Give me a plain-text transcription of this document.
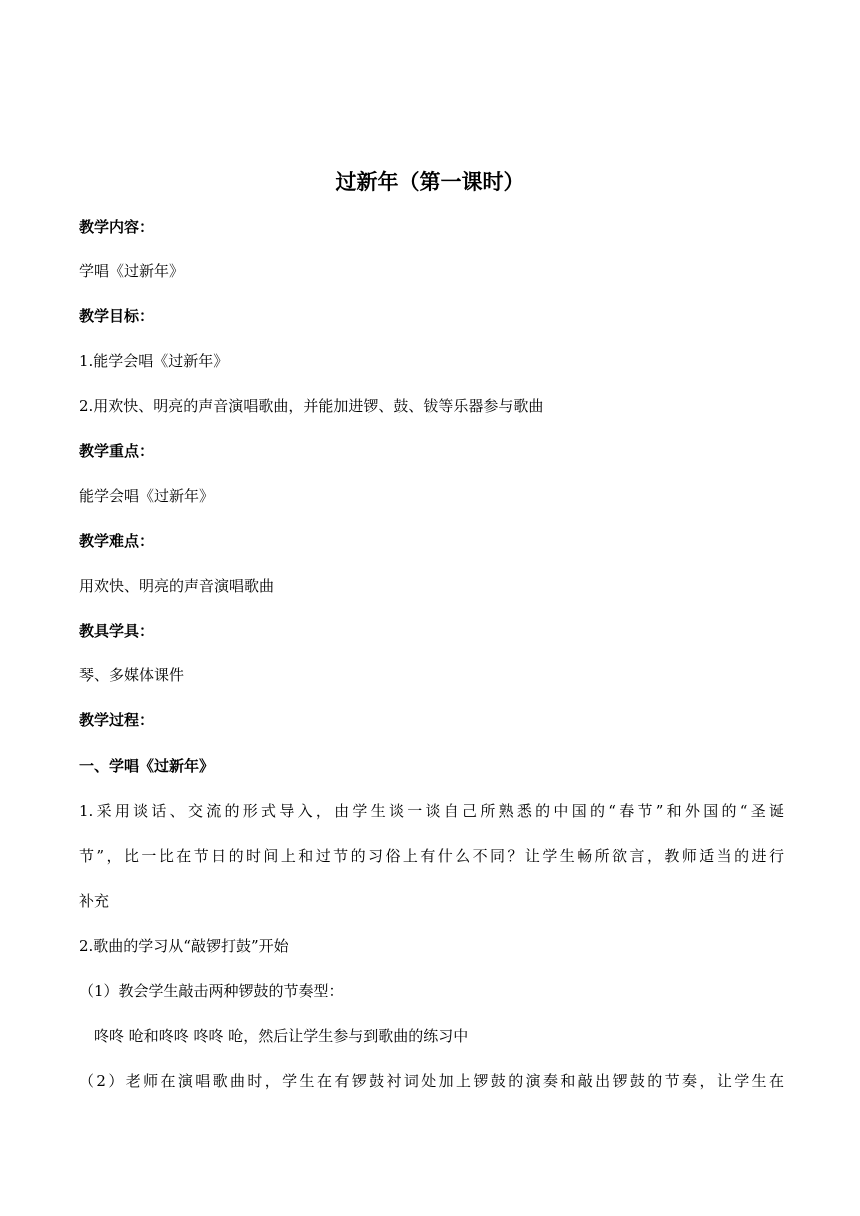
过新年（第一课时）

教学内容：

学唱《过新年》

教学目标：

1.能学会唱《过新年》

2.用欢快、明亮的声音演唱歌曲，并能加进锣、鼓、钹等乐器参与歌曲

教学重点：

能学会唱《过新年》

教学难点：

用欢快、明亮的声音演唱歌曲

教具学具：

琴、多媒体课件

教学过程：

一、学唱《过新年》

1.采用谈话、交流的形式导入，由学生谈一谈自己所熟悉的中国的“春节”和外国的“圣诞

节”，比一比在节日的时间上和过节的习俗上有什么不同？让学生畅所欲言，教师适当的进行

补充

2.歌曲的学习从“敲锣打鼓”开始

（1）教会学生敲击两种锣鼓的节奏型：

咚咚 呛和咚咚 咚咚 呛，然后让学生参与到歌曲的练习中

（2）老师在演唱歌曲时，学生在有锣鼓衬词处加上锣鼓的演奏和敲出锣鼓的节奏，让学生在
